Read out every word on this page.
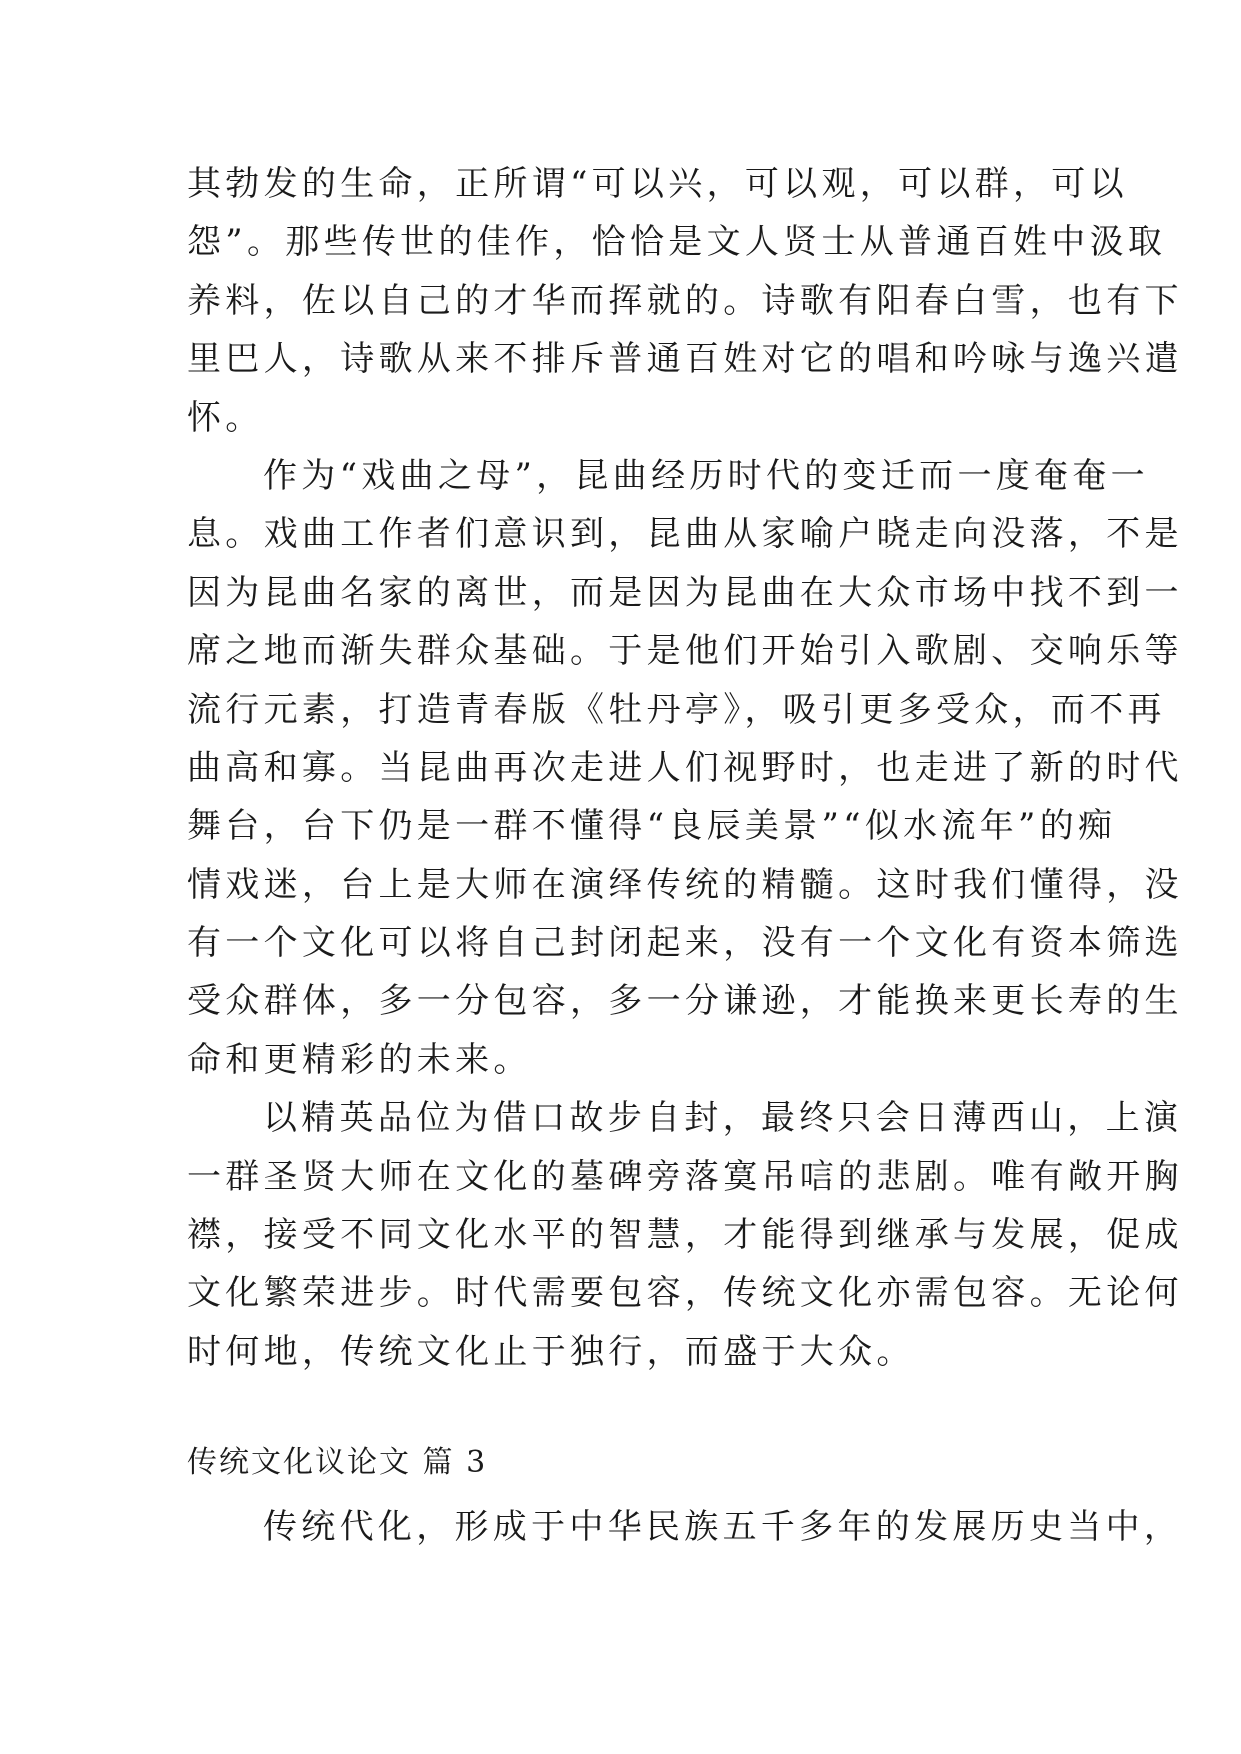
其勃发的生命，正所谓“可以兴，可以观，可以群，可以
怨”。那些传世的佳作，恰恰是文人贤士从普通百姓中汲取
养料，佐以自己的才华而挥就的。诗歌有阳春白雪，也有下
里巴人，诗歌从来不排斥普通百姓对它的唱和吟咏与逸兴遣
怀。
作为“戏曲之母”，昆曲经历时代的变迁而一度奄奄一
息。戏曲工作者们意识到，昆曲从家喻户晓走向没落，不是
因为昆曲名家的离世，而是因为昆曲在大众市场中找不到一
席之地而渐失群众基础。于是他们开始引入歌剧、交响乐等
流行元素，打造青春版《牡丹亭》，吸引更多受众，而不再
曲高和寡。当昆曲再次走进人们视野时，也走进了新的时代
舞台，台下仍是一群不懂得“良辰美景”“似水流年”的痴
情戏迷，台上是大师在演绎传统的精髓。这时我们懂得，没
有一个文化可以将自己封闭起来，没有一个文化有资本筛选
受众群体，多一分包容，多一分谦逊，才能换来更长寿的生
命和更精彩的未来。
以精英品位为借口故步自封，最终只会日薄西山，上演
一群圣贤大师在文化的墓碑旁落寞吊唁的悲剧。唯有敞开胸
襟，接受不同文化水平的智慧，才能得到继承与发展，促成
文化繁荣进步。时代需要包容，传统文化亦需包容。无论何
时何地，传统文化止于独行，而盛于大众。
传统文化议论文 篇 3
传统代化，形成于中华民族五千多年的发展历史当中，
